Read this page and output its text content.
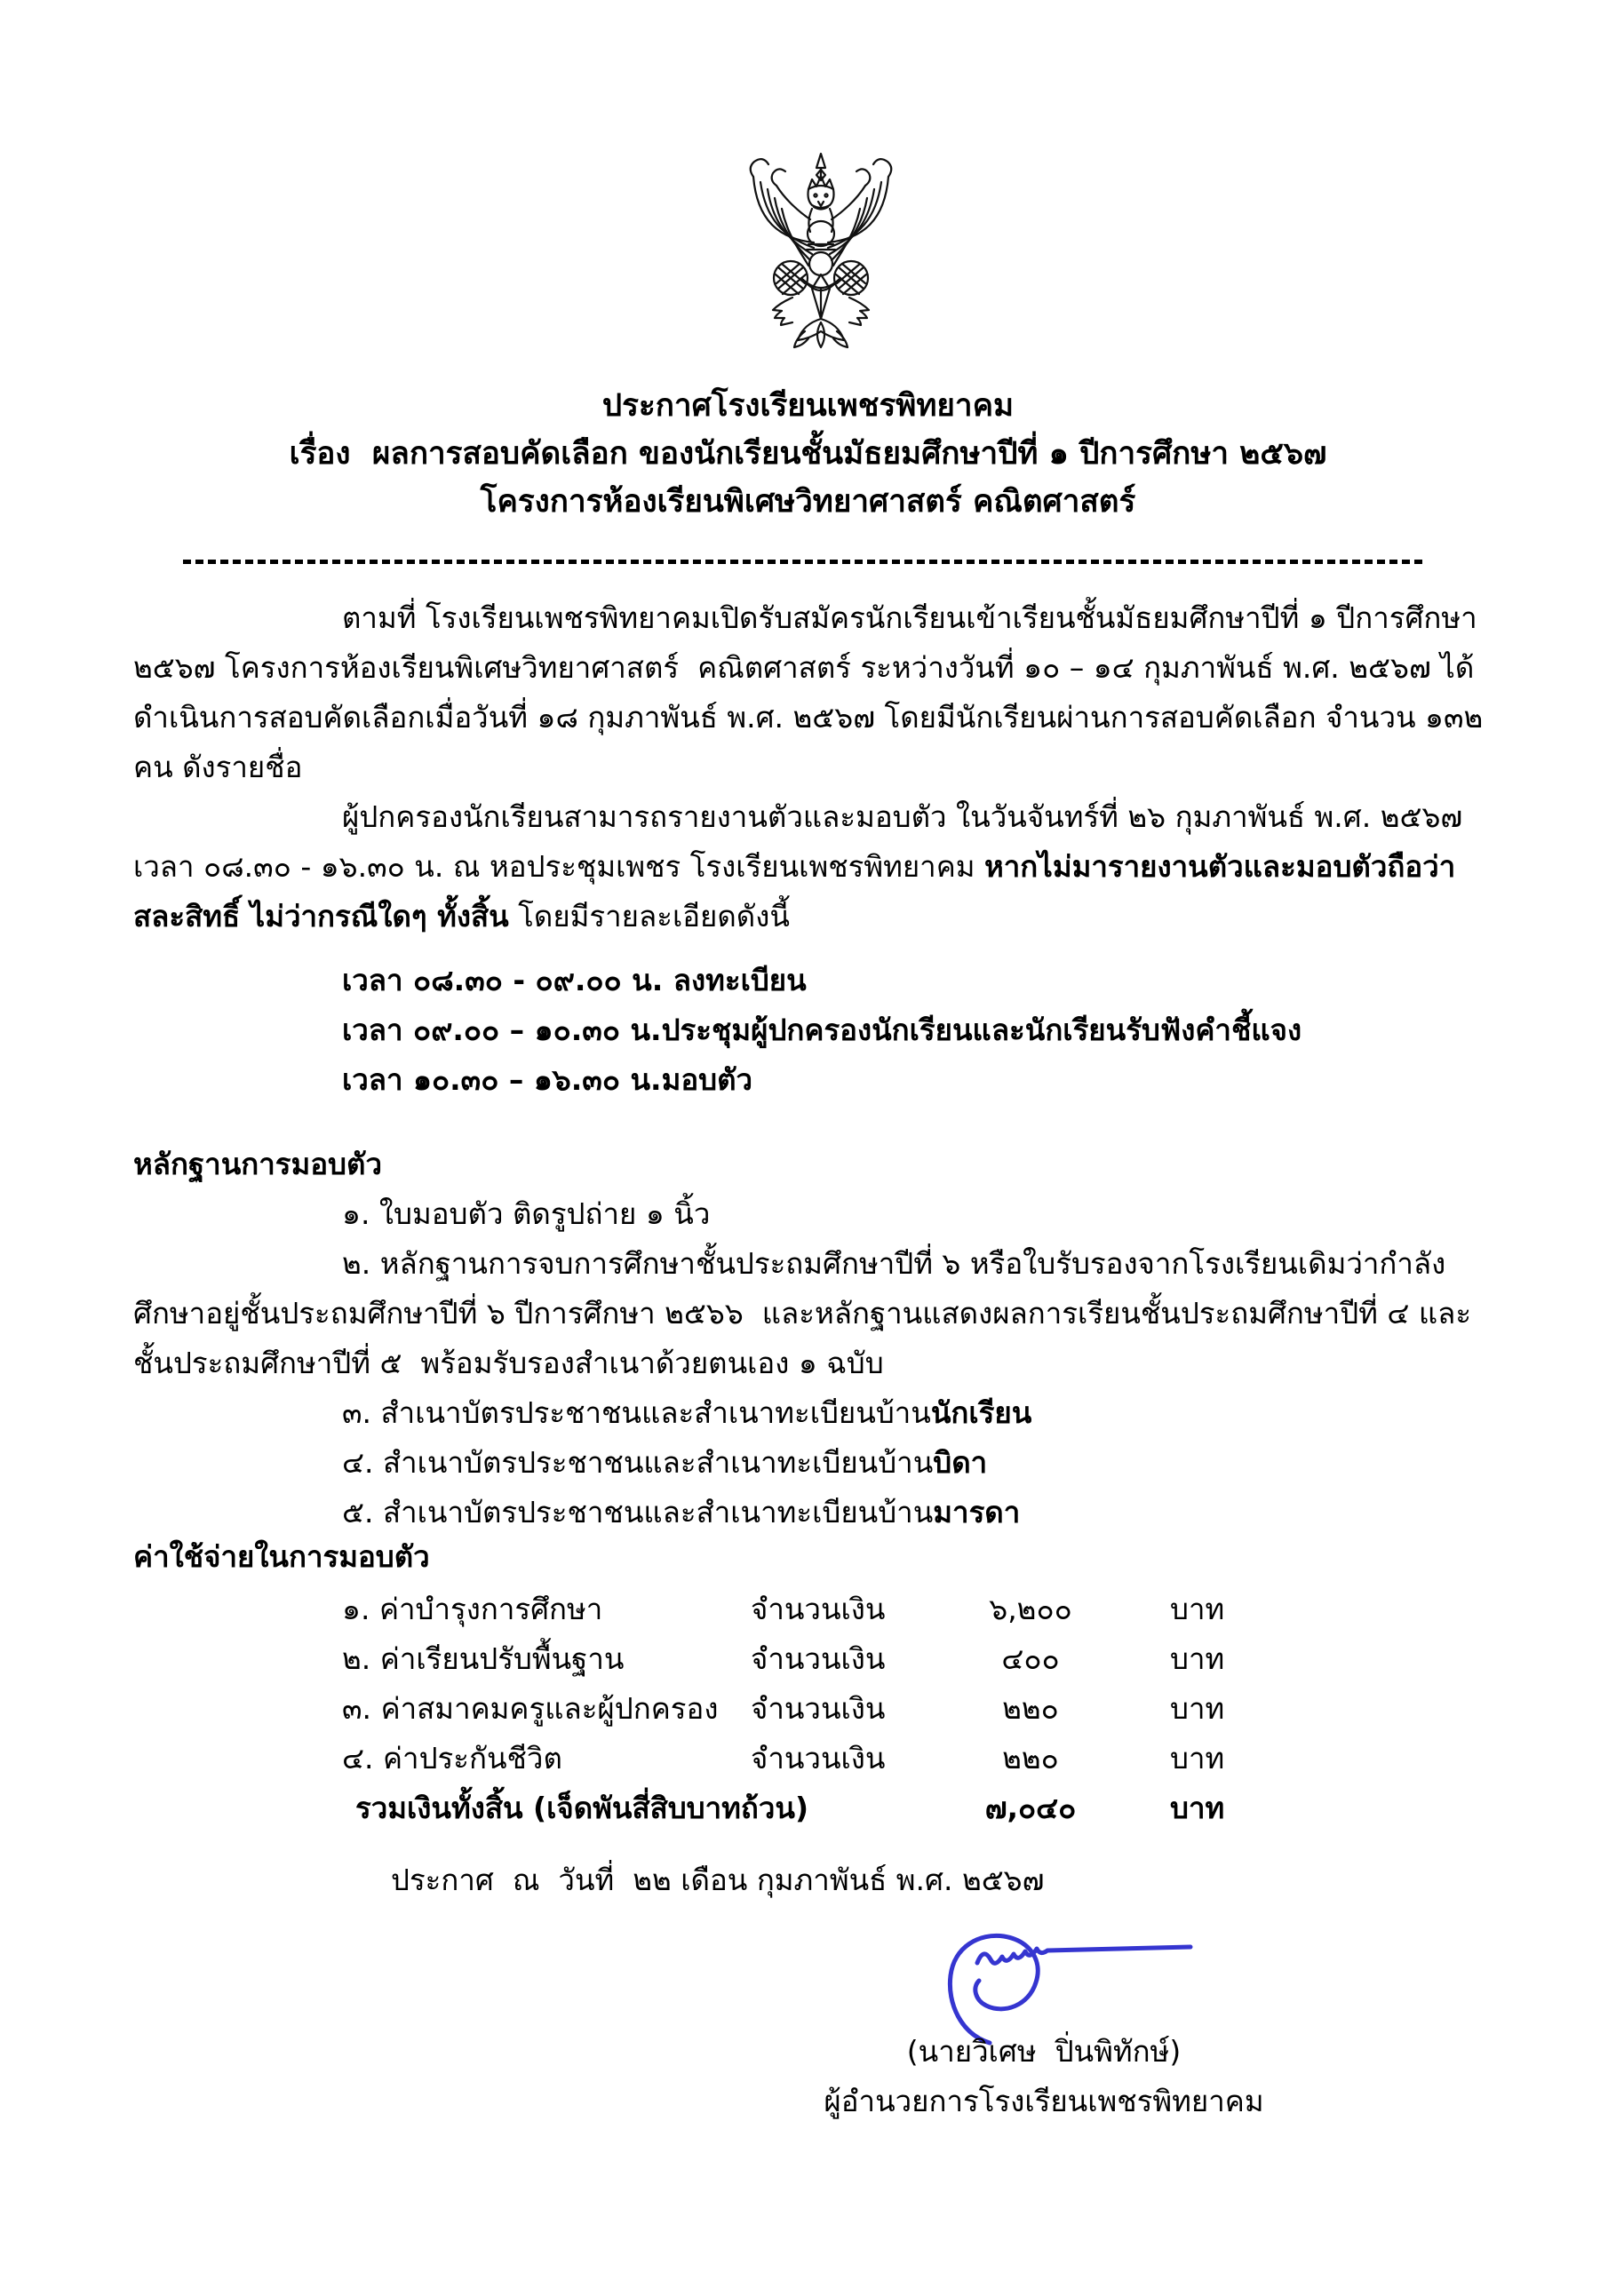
ประกาศโรงเรียนเพชรพิทยาคม
เรื่อง  ผลการสอบคัดเลือก ของนักเรียนชั้นมัธยมศึกษาปีที่ ๑ ปีการศึกษา ๒๕๖๗
โครงการห้องเรียนพิเศษวิทยาศาสตร์ คณิตศาสตร์

ตามที่ โรงเรียนเพชรพิทยาคมเปิดรับสมัครนักเรียนเข้าเรียนชั้นมัธยมศึกษาปีที่ ๑ ปีการศึกษา ๒๕๖๗ โครงการห้องเรียนพิเศษวิทยาศาสตร์  คณิตศาสตร์ ระหว่างวันที่ ๑๐ – ๑๔ กุมภาพันธ์ พ.ศ. ๒๕๖๗ ได้ดำเนินการสอบคัดเลือกเมื่อวันที่ ๑๘ กุมภาพันธ์ พ.ศ. ๒๕๖๗ โดยมีนักเรียนผ่านการสอบคัดเลือก จำนวน ๑๓๒ คน ดังรายชื่อ

ผู้ปกครองนักเรียนสามารถรายงานตัวและมอบตัว ในวันจันทร์ที่ ๒๖ กุมภาพันธ์ พ.ศ. ๒๕๖๗ เวลา ๐๘.๓๐ - ๑๖.๓๐ น. ณ หอประชุมเพชร โรงเรียนเพชรพิทยาคม หากไม่มารายงานตัวและมอบตัวถือว่าสละสิทธิ์ ไม่ว่ากรณีใดๆ ทั้งสิ้น โดยมีรายละเอียดดังนี้

เวลา ๐๘.๓๐ - ๐๙.๐๐ น. ลงทะเบียน
เวลา ๐๙.๐๐ – ๑๐.๓๐ น.ประชุมผู้ปกครองนักเรียนและนักเรียนรับฟังคำชี้แจง
เวลา ๑๐.๓๐ – ๑๖.๓๐ น.มอบตัว
หลักฐานการมอบตัว

๑. ใบมอบตัว ติดรูปถ่าย ๑ นิ้ว

๒. หลักฐานการจบการศึกษาชั้นประถมศึกษาปีที่ ๖ หรือใบรับรองจากโรงเรียนเดิมว่ากำลังศึกษาอยู่ชั้นประถมศึกษาปีที่ ๖ ปีการศึกษา ๒๕๖๖  และหลักฐานแสดงผลการเรียนชั้นประถมศึกษาปีที่ ๔ และชั้นประถมศึกษาปีที่ ๕  พร้อมรับรองสำเนาด้วยตนเอง ๑ ฉบับ

๓. สำเนาบัตรประชาชนและสำเนาทะเบียนบ้านนักเรียน

๔. สำเนาบัตรประชาชนและสำเนาทะเบียนบ้านบิดา

๕. สำเนาบัตรประชาชนและสำเนาทะเบียนบ้านมารดา

ค่าใช้จ่ายในการมอบตัว
๑. ค่าบำรุงการศึกษา	จำนวนเงิน	๖,๒๐๐	บาท
๒. ค่าเรียนปรับพื้นฐาน	จำนวนเงิน	๔๐๐	บาท
๓. ค่าสมาคมครูและผู้ปกครอง	จำนวนเงิน	๒๒๐	บาท
๔. ค่าประกันชีวิต	จำนวนเงิน	๒๒๐	บาท
รวมเงินทั้งสิ้น (เจ็ดพันสี่สิบบาทถ้วน)	๗,๐๔๐	บาท
ประกาศ  ณ  วันที่  ๒๒ เดือน กุมภาพันธ์ พ.ศ. ๒๕๖๗
(นายวิเศษ  ปิ่นพิทักษ์)
ผู้อำนวยการโรงเรียนเพชรพิทยาคม
